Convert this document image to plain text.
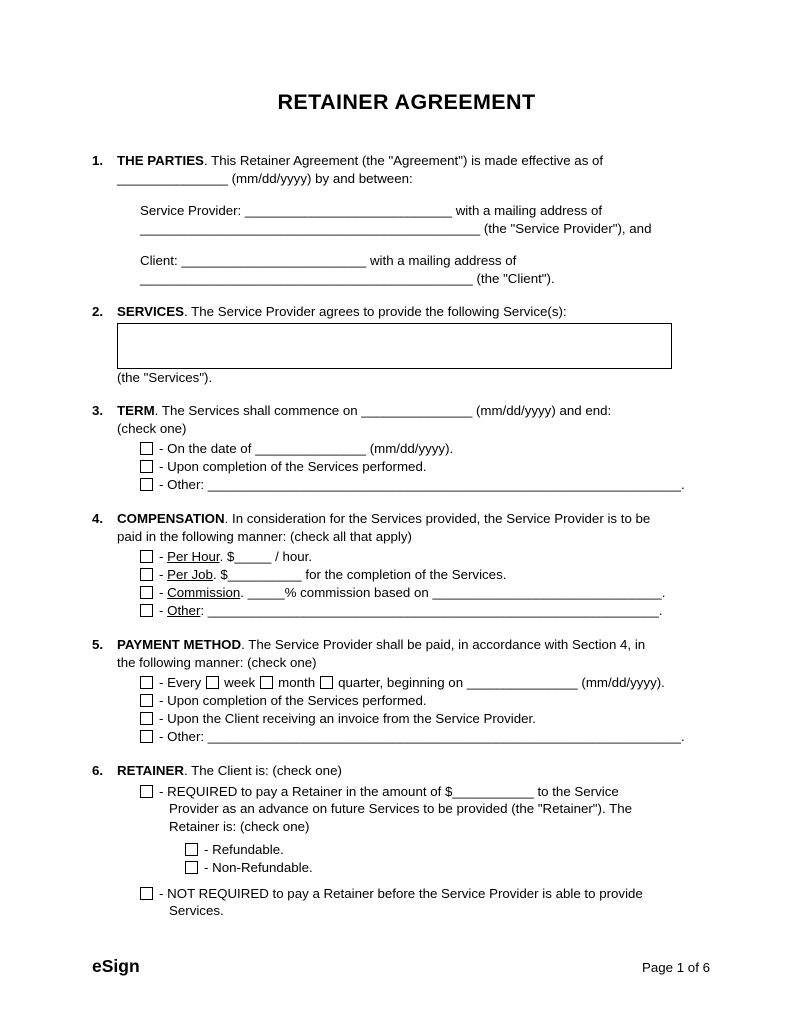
RETAINER AGREEMENT
1.	THE PARTIES. This Retainer Agreement (the "Agreement") is made effective as of
_______________ (mm/dd/yyyy) by and between:
Service Provider: ____________________________ with a mailing address of
______________________________________________ (the "Service Provider"), and
Client: _________________________ with a mailing address of
_____________________________________________ (the "Client").
2.	SERVICES. The Service Provider agrees to provide the following Service(s):
(the "Services").
3.	TERM. The Services shall commence on _______________ (mm/dd/yyyy) and end:
(check one)
- On the date of _______________ (mm/dd/yyyy).
- Upon completion of the Services performed.
- Other: ________________________________________________________________.
4.	COMPENSATION. In consideration for the Services provided, the Service Provider is to be
paid in the following manner: (check all that apply)
- Per Hour. $_____ / hour.
- Per Job. $__________ for the completion of the Services.
- Commission. _____% commission based on _______________________________.
- Other: _____________________________________________________________.
5.	PAYMENT METHOD. The Service Provider shall be paid, in accordance with Section 4, in
the following manner: (check one)
- Every week month quarter, beginning on _______________ (mm/dd/yyyy).
- Upon completion of the Services performed.
- Upon the Client receiving an invoice from the Service Provider.
- Other: ________________________________________________________________.
6.	RETAINER. The Client is: (check one)
- REQUIRED to pay a Retainer in the amount of $___________ to the Service
Provider as an advance on future Services to be provided (the "Retainer"). The
Retainer is: (check one)
- Refundable.
- Non-Refundable.
- NOT REQUIRED to pay a Retainer before the Service Provider is able to provide
Services.
eSign	Page 1 of 6
